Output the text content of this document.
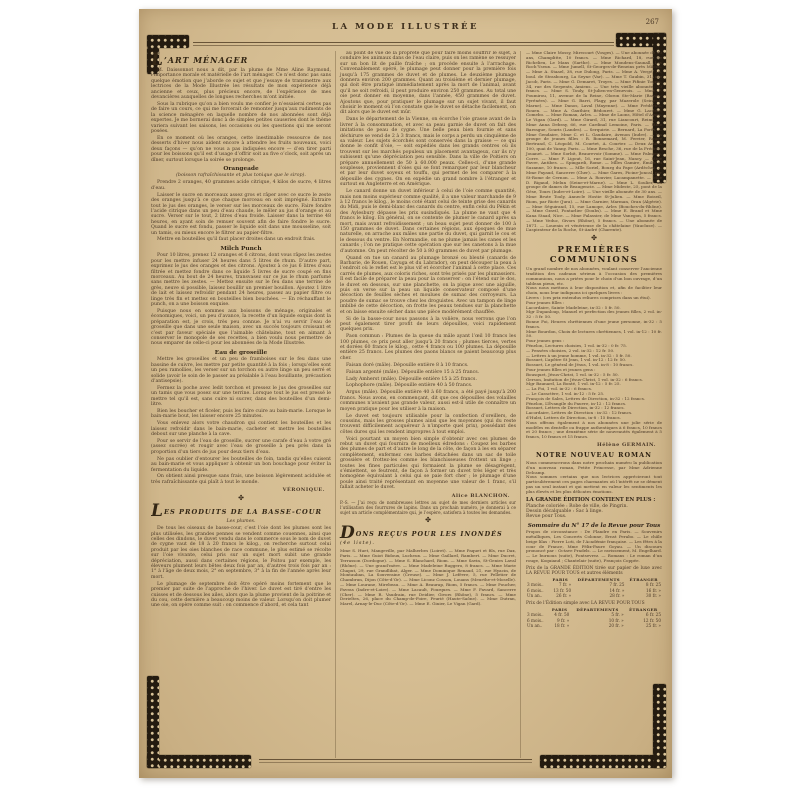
LA MODE ILLUSTRÉE	267
L’ART MÉNAGER

M. Daissonnot nous a dit, par la plume de Mme Aline Raymond, l’importance morale et matérielle de l’art ménager. Ce n’est donc pas sans quelque émotion que j’aborde ce sujet et que j’essaye de transmettre aux lectrices de la Mode Illustrée les résultats de mon expérience déjà ancienne et ceux, plus précieux encore, de l’expérience de mes devancières auxquelles de longues recherches m’ont initiée.

Sous la rubrique qu’on a bien voulu me confier je n’essaierai certes pas de faire un cours, ce qui me forcerait de remonter jusqu’aux rudiments de la science ménagère en laquelle nombre de nos abonnées sont déjà expertes. Je me bornerai donc à de simples petites causeries dont le thème variera suivant les saisons, les occasions ou les questions qui me seront posées.

En ce moment où les oranges, cette inestimable ressource de nos desserts d’hiver nous aident encore à attendre les fruits nouveaux, voici deux façons — qu’on ne vous a pas indiquées encore — d’en tirer parti pour les boissons qu’il est d’usage d’offrir soit au five o’clock, soit après un dîner, surtout lorsque la soirée se prolonge.

Orangeade
(boisson rafraîchissante et plus tonique que le sirop).

Prendre 2 oranges, 40 grammes acide citrique, 4 kilos de sucre, 4 litres d’eau.

Laisser le sucre en morceaux assez gros et râper avec ce sucre le zeste des oranges jusqu’à ce que chaque morceau en soit imprégné. Extraire tout le jus des oranges, le verser sur les morceaux de sucre. Faire fondre l’acide citrique dans un peu d’eau chaude, le mêler au jus d’orange et au sucre. Verser sur le tout, 2 litres d’eau froide. Laisser dans la terrine 48 heures, en ayant soin de remuer souvent afin de faire fondre le sucre. Quand le sucre est fondu, passer le liquide soit dans une mousseline, soit un tamis, ou mieux encore le filtrer au papier-filtre.

Mettre en bouteilles qu’il faut placer droites dans un endroit frais.

Milch Punch

Pour 10 litres, prenez 12 oranges et 6 citrons, dont vous râpez les zestes pour les mettre infuser 24 heures dans 5 litres de rhum. D’autre part, exprimez le jus des oranges et des citrons. Ajoutez à ce jus 6 litres d’eau filtrée et mettez fondre dans ce liquide 5 livres de sucre coupé en fins morceaux. Au bout de 24 heures, transvasez sur ce jus le rhum parfumé sans mettre les zestes. — Mettez ensuite sur le feu dans une terrine de grès, neuve si possible, laissez bouillir un premier bouillon. Ajoutez 1 litre de lait et laissez refroidir pendant 24 heures, passez au papier filtre ou linge très fin et mettez en bouteilles bien bouchées. — En réchauffant le punch, on a une boisson exquise.

Puisque nous en sommes aux boissons de ménage, originales et économiques, voici, un peu d’avance, la recette d’un liquide exquis dont la préparation est, je crois, très peu connue. Je n’ai vu servir l’eau de groseille que dans une seule maison, avec un succès toujours croissant et c’est par faveur spéciale que l’aimable châtelaine, tout en aimant à conserver le monopole de ses recettes, a bien voulu nous permettre de nous emparer de celle-ci pour les abonnées de la Mode Illustrée.

Eau de groseille

Mettre les groseilles et un peu de framboises sur le feu dans une bassine de cuivre, les mettre par petite quantité à la fois ; lorsqu’elles sont un peu ramollies, les verser sur un torchon ou autre linge un peu serré et solide (avoir le soin de le passer au préalable à l’eau bouillante, précaution d’antisepsie).

Fermez la poche avec ledit torchon et pressez le jus des groseilles sur un tamis que vous posez sur une terrine. Lorsque tout le jus est pressé le mettre tel qu’il est, sans cuire ni sucrer, dans des bouteilles d’un demi-litre.

Bien les boucher et ficeler, puis les faire cuire au bain-marie. Lorsque le bain-marie bout, les laisser encore 25 minutes.

Vous enlevez alors votre chaudron qui contient les bouteilles et les laissez refroidir dans le bain-marie, cacheter et mettre les bouteilles debout sur une planche à la cave.

Pour se servir de l’eau de groseille, sucrer une carafe d’eau à votre gré (assez sucrée) et rougir avec l’eau de groseille à peu près dans la proportion d’un tiers de jus pour deux tiers d’eau.

Ne pas oublier d’entourer les bouteilles de foin, tandis qu’elles cuisent au bain-marie et vous appliquer à obtenir un bon bouchage pour éviter la fermentation du liquide.

On obtient ainsi presque sans frais, une boisson légèrement acidulée et très rafraîchissante qui plaît à tout le monde.

VÉRONIQUE.
✤
LES PRODUITS DE LA BASSE-COUR
Les plumes.

De tous les oiseaux de basse-cour, c’est l’oie dont les plumes sont les plus utilisées, les grandes pennes se vendent comme couennes, ainsi que celles des dindons, le duvet vendu dans le commerce sous le nom de duvet de cygne vaut de 18 à 20 francs le kilog., on recherche surtout celui produit par les oies blanches de race commune, le plus estimé se récolte sur l’oie vivante, celui pris sur un sujet mort subit une grande dépréciation, aussi dans certaines régions, le Poitou par exemple, les éleveurs plument leurs bêtes deux fois par an, d’autres trois fois par an : 1° à l’âge de deux mois, 2° en septembre, 3° à la fin de l’année après leur mort.

Le plumage de septembre doit être opéré moins fortement que le premier par suite de l’approche de l’hiver. Le duvet est tiré d’entre les cuisses et de dessous les ailes, alors que la plume provient de la poitrine et du cou, cette dernière a beaucoup moins de valeur. Lorsqu’on doit plumer une oie, on opère comme suit : on commence d’abord, et cela tant

au point de vue de la propreté que pour faire moins souffrir le sujet, à conduire les animaux dans de l’eau claire, puis on les ramène se ressuyer sur un bon lit de paille fraîche ; on procède ensuite à l’arrachage. Convenablement opéré, le plumage peut donner pour la première fois jusqu’à 175 grammes de duvet et de plumes. Le deuxième plumage donnera environ 200 grammes. Quant au troisième et dernier plumage, qui doit être pratiqué immédiatement après la mort de l’animal, avant qu’il ne soit refroidi, il peut produire environ 250 grammes. Au total une oie peut donner en moyenne, dans l’année, 450 grammes de duvet. Ajoutons que, pour pratiquer le plumage sur un sujet vivant, il faut choisir le moment où l’on constate que le duvet se détache facilement, on dit alors que le duvet est mûr.

Dans le département de la Vienne, on écorche l’oie grasse avant de la livrer à la consommation, et avec sa peau garnie de duvet on fait des imitations de peau de cygne. Une belle peau bien fournie et sans déchirure se vend de 2 à 3 francs, mais le corps a perdu un cinquième de sa valeur. Les sujets écorchés sont conservés dans la graisse — ce qui donne le confit d’oie, — soit expédiés dans les grands centres où ils trouvent sur les marchés populeux un placement avantageux, car ils n’y subissent qu’une dépréciation peu sensible. Dans la ville de Poitiers on prépare annuellement de 50 à 60.000 peaux. Celles-ci, d’une grande souplesse, proviennent d’oies qui se font remarquer par leur blancheur et par leur duvet soyeux et touffu, qui permet de les comparer à la dépouille des cygnes. On en expédie un grand nombre à l’étranger et surtout en Angleterre et en Amérique.

Le canard donne un duvet inférieur à celui de l’oie comme quantité, mais non moins supérieur comme qualité, il a une valeur marchande de 9 à 12 francs le kilog., le moins coté étant celui de teinte grise des canards du Midi, puis le demi-blanc des canards du centre, enfin celui du Pékin et des Aylesbury dépasse les prix susindiqués. La plume ne vaut que 4 francs le kilog. En général, on se contente de plumer le canard après sa mort, mais avant refroidissement ; un beau sujet peut donner de 100 à 150 grammes de duvet. Dans certaines régions, aux époques de mue naturelle, on arrache aux mâles une partie du duvet, qui garnit le cou et le dessous du ventre. En Normandie, on ne plume jamais les canes et les canards ; l’on ne pratique cette opération que sur les canetons à la mue d’automne. On peut récolter de 50 à 80 grammes de duvet par plumage.

Quand on tue un canard au plumage bronzé ou bleuté (canards de Barbarie, de Rouen, Cayuga et du Labrador), on peut découper la peau à l’endroit où le reflet est le plus vif et écorcher l’animal à cette place. Ces carrés de plumes, aux coloris riches, sont très prisés par les plumassiers. Il est facile de préparer la peau pour la conserver : on l’étend sur le dos, le duvet en dessous, sur une planchette, on la pique avec une aiguille, puis on verse sur la peau un liquide conservateur composé d’une décoction de feuilles sèches et moulues de sumac des corroyeurs. La poudre de sumac se trouve chez les droguistes. Avec un tampon de linge imbibé de cette décoction, on frotte les peaux tendues sur la planchette et on laisse ensuite sécher dans une pièce modérément chauffée.

Si de la basse-cour nous passons à la volière, nous verrons que l’on peut également tirer profit de leurs dépouilles, voici rapidement quelques prix.

Paon commun : Plumes de la queue du mâle ayant l’œil 10 francs les 100 plumes, ce prix peut aller jusqu’à 20 francs ; plumes tierces, vertes et dorées 60 francs le kilog., cette 4 francs ou 100 plumes. La dépouille entière 25 francs. Les plumes des paons blancs se paient beaucoup plus cher.

Faisan doré (mâle). Dépouille entière 8 à 10 francs.

Faisan argenté (mâle). Dépouille entière 15 à 25 francs.

Lady Amherst (mâle). Dépouille entière 15 à 25 francs.

Lophophore (mâle). Dépouille entière 40 à 50 francs.

Argus (mâle). Dépouille entière 40 à 60 francs, a été payé jusqu’à 200 francs. Nous avons, en commençant, dit que ces dépouilles des volailles communes n’avaient pas grande valeur, aussi est-il utile de connaître un moyen pratique pour les utiliser à la maison.

Le duvet est toujours utilisable pour la confection d’oreillers, de coussins, mais les grosses plumes ainsi que les moyennes (qui du reste trouvent difficilement acquéreur à n’importe quel prix), possédant des côtes dures qui les rendent impropres à tout emploi.

Voici pourtant un moyen bien simple d’obtenir avec ces plumes de rebut un duvet qui fournira de moelleux édredons : Coupez les barbes des plumes de part et d’autre le long de la côte, de façon à les en séparer complètement, enfermez ces barbes détachées dans un sac de toile grossière et frottez-les comme les blanchisseuses frottent un linge ; toutes les fines particules qui formaient la plume se désagrègent, s’émiettent, se feutrent, de façon à former un duvet très léger et très homogène équivalant à celui qui se paie fort cher ; le plumage d’une poule ainsi traité représentant en moyenne une valeur de 1 franc, s’il fallait acheter le duvet.

Alice BLANCHON.
P.-S. — J’ai reçu de nombreuses lettres au sujet de mes derniers articles sur l’utilisation des fourrures de lapins. Dans un prochain numéro, je donnerai à ce sujet un article complémentaire qui, je l’espère, satisfera à toutes les demandes.
✤
DONS REÇUS POUR LES INONDÉS (4e liste).
Mme S. Huet, Mangeville, par Malherbes (Loiret). — Mme Paquet et fils, rue Dax, Paris. — Mme Guiot Bidoux, Lucheux. — Mme Gaillard, Rambert. — Mme Ducret, Terrasson (Dordogne). — Mme S. Blanchard, Riom. — Mme Savin, St-Genies Laval (Rhône). — Une grand’mère. — Mme Madeleine Ruggero, 8 francs. — Mme Marie Chaput, 29, rue Grandlibat, Alger. — Mme Dominique Renaud, 21, rue Hyacin, de Montauban, La Souveraine (Creuse). — Mme J. Lefèvre, 5, rue Pelletier de Chambrun, Dijon (Côte-d’Or). — Mme Liconz Cosson, Louans (Meurthe-et-Moselle). — Mme Lourane, Mirebeau. — Mme A. Beaurap, Riom, 5 francs. — Mme Poucher, Favras (Indre-et-Loire). — Mme Lacault, Fourques. — Mme F. Favard, Sancerre (Cher). — Mme R. Vaudrain, rue Deidier, Givors (Rhône), 5 francs. — Mme Derieltes, 26, place du Champ-de-Foire, Feurié (Haute-Saône). — Mme Dutran, Marel, Arnay-le-Duc (Côte-d’Or). — Mme E. Ginier, Le Vigan (Gard).
— Mme Claire Mossy, Mirecourt (Vosges). — Une abonnée de 40 ans, Champlitte, 10 francs. — Mme Richard, 18, rue de Richelieu, Le Mans (Sarthe). — Mme Mondens-Saunall, Les Roch’Yseux. — Mme Jumell, St-Georges-de-Reneins près Mâcon. — Mme A. Staael, 38, rue Dulong, Paris. — Mme A. Vergé, 16, boul. de Strasbourg, La Seyne (Var). — Mme T. Gaubin, 31, rue Jacob, Paris. — Mme G. Demaret, Troyes. — Mme Fifinie Touzin, 34, rue des Serpents, Amiens. — Une très vieille abonnée, 20 francs. — Mme S. Touly, St-Julien-en-Genevois. — Mme F. Poumirou, 11, avenue de la Reine, Oloron Ste-Marie (Basses-Pyrénées). — Mme G. Barri, Flagy, par Mazerole (Seine-et-Marne). — Mme Danos, Laval (Mayenne). — Mme Frédérick, Rouen. — Mme A. Gauthier, Bédouret. — Mme G. Lacoste, Comebo. — Mme Roman, Arles. — Mme de Laons, Hôtel d’Assas, Le Vigan (Gard). — Mme Girard, 31, rue Liancourt, Reims. — Mme Anna Debray, 66, rue Cardinal Lemoine, Paris. — Mme Barrague, Souris (Landes). — Serquirie. — Bernard, La Forêt. — Mme Gendaire, Mme C. et L. Gaudaire, Avenon (Indre). — Un groupe de jeunes filles : R. Bonnemard, M. Ferrier, Rouge Bertrand, C. Léopold, M. Courtet, A. Courter. — Deux Amies, 100, quai de Vanny, Paris. — Mme Besche, 36, rue de la Frédrée, Jouanet. — Mme Sorbit, Beaurevoir (Somme). — Mme Palmiers, Corre. — Mme F. Ligout, 16, rue Saint-Jean, Nancy. — Mme Favre, Antibes. — Spingardi, Rome. — Mlles Gamire, Émilie et Suzanne, 10 francs. — Mlle Soriel, Bourg du Pape (Ardèche). — Mme Fayaud, Sancerre (Cher). — Mme Gares, Picine-Joncal, par St-Rome de Cernon. — Mme A. Rouvier, Lacampanette. — Mlle D. Rigaud, Melun (Seine-et-Marne). — Mme L. Soulier, un groupe de dames de Beaugencie. — Mme Mideste, 25, pont de la Gése, Tours (Indre-et-Loire). — Une vieille abonnée de 30 ans. — Mme Brute Tooly, Annecle Hostie St-Julien. — Mme Boiseil, Riom, par Riote (Jura). — Mme Garnier, Marman, Oran (Algérie). — Mme Séguirand, 15, rue Lamope, Arles (Bouches-du-Rhône). — Mme Gravil, Fontarlier (Doubs). — Mme E. Brand et Mme Kana Staad, Nice. — Mme Falassier, de Mme Vanegon, 5 francs. — Mme Veduc, Givors (Rhône), 5 francs. — Une abonnée de 1871. — Louenin et vénérieuse de la châtelaine (Vaucluse). — L’aspirateur de la Roche, St-André (Charente).
✤
PREMIÈRES COMMUNIONS

Un grand nombre de nos abonnées, voulant conserver l’ancienne tradition des cadeaux sérieux à l’occasion des premières communions, nous a priées pour le choix d’un bon ouvrage, d’un tableau pieux, etc.

Nous nous mettons à leur disposition et, afin de faciliter leur choix, nous leur indiquons ici quelques livres :

Livres : (ces prix entendus reliures comprises dans un étui).

Pour jeunes filles :

Lacordaire, Sainte Madeleine, in-32 : 5 fr. 50.

Mgr Dupanloup, Manuel et perfection des jeunes filles, 2 vol. in-32 : 5 fr. 50.

Bonne Foi, Heures chrétiennes d’une jeune personne, in-32 : 5 francs.

Mme Bourdon, Choix de lectures chrétiennes, 1 vol. in-12 : 10 fr. 50.

Pour jeunes gens :

Fénelon, Lectures choisies, 1 vol. in-32 : 0 fr. 75.

— Pensées choisies, 2 vol. in-32 : 12 fr. 50.

— Lettres à un jeune homme, 1 vol. in-32 : 5 fr. 50.

Bossuet, L’apôtre St Jean, 1 vol. in-12 : 12 fr. 50.

Bossuet, Le général de Jésus, 1 vol. in-8 : 10 francs.

Pour jeunes filles et jeunes gens :

Bousquet, Jésus-Christ, 1 vol. in-32 : 5 fr. 50.

Gerson, Imitation de Jésus-Christ, 1 vol. in-32 : 6 francs.

Mgr Baunard, La Bonté, 1 vol. in-12 : 5 fr. 25.

— La Foi, 1 vol. in-32 : 6 francs.

— Le Caractère, 1 vol. in-12 : 5 fr. 25.

François de Sales, Lettres de Direction, in-32 : 12 francs.

Fénelon, L’Évangile du Pauvre, in-12 : 12 francs.

Bossuet, Lettres de Direction, in-32 : 12 francs.

Lacordaire, Lettres de Direction : in-32 : 12 francs.

d’Hulst, Lettres de Direction, in-8 : 15 francs.

Nous offrons également à nos abonnées une jolie série de modèles en dentelle ou frappe authentiques à 6 francs, 10 francs et 20 francs ; une deuxième série de nouveautés également à 5 francs, 10 francs et 15 francs.
Hélène GERMAIN.
NOTRE NOUVEAU ROMAN

Nous commencerons dans notre prochain numéro la publication d’un nouveau roman, Petite Princesse, par Mme Adrienne Delcamp.

Nous sommes certains que nos lectrices apprécieront tout particulièrement ces pages charmantes où l’intérêt ne se dément pas un seul instant et qui mettent en valeur les sentiments les plus élevés et les plus délicates émotions.

LA GRANDE ÉDITION CONTIENT EN PLUS :

Planche coloriée : Robe de ville, de Pingrin.

Dessin décalquable : Sac à linge.

Revue pour Tous.

Sommaire du N° 17 de la Revue pour Tous
Propos de circonstance : De Flandre en Paris. — Souvenirs métalliques, Les Concerts Colonne, Ernst Perabo. — Le châle beige lilas : Pierre Loti, de l’Académie française. — Les fêtes à la cour de France, Mme Félix-Faure Goyau. — Un discours prononcé par : Octave Pradels. — Le ravissement, M. Engelhard. — Le burnous (suite), Pontsevrez. — Romans : Le roman d’un rouge, Koquiand ; Chantelair (suite), François Coppée.
Prix de la GRANDE ÉDITION tirée sur papier de luxe avec LA REVUE POUR TOUS et autres éléments
	PARIS	DÉPARTEMENTS	ÉTRANGER
3 mois..	7 fr. »	7 fr. 25	8 fr. 25
6 mois..	13 fr. 50	14 fr. »	16 fr. »
Un an..	26 fr. »	28 fr. »	30 fr. »
Prix de l’Édition simple avec LA REVUE POUR TOUS
	PARIS	DÉPARTEMENTS	ÉTRANGER
3 mois..	4 fr. 50	5 fr. »	6 fr. 25
6 mois..	9 fr. »	10 fr. »	12 fr. 50
Un an..	18 fr. »	20 fr. »	25 fr. »
